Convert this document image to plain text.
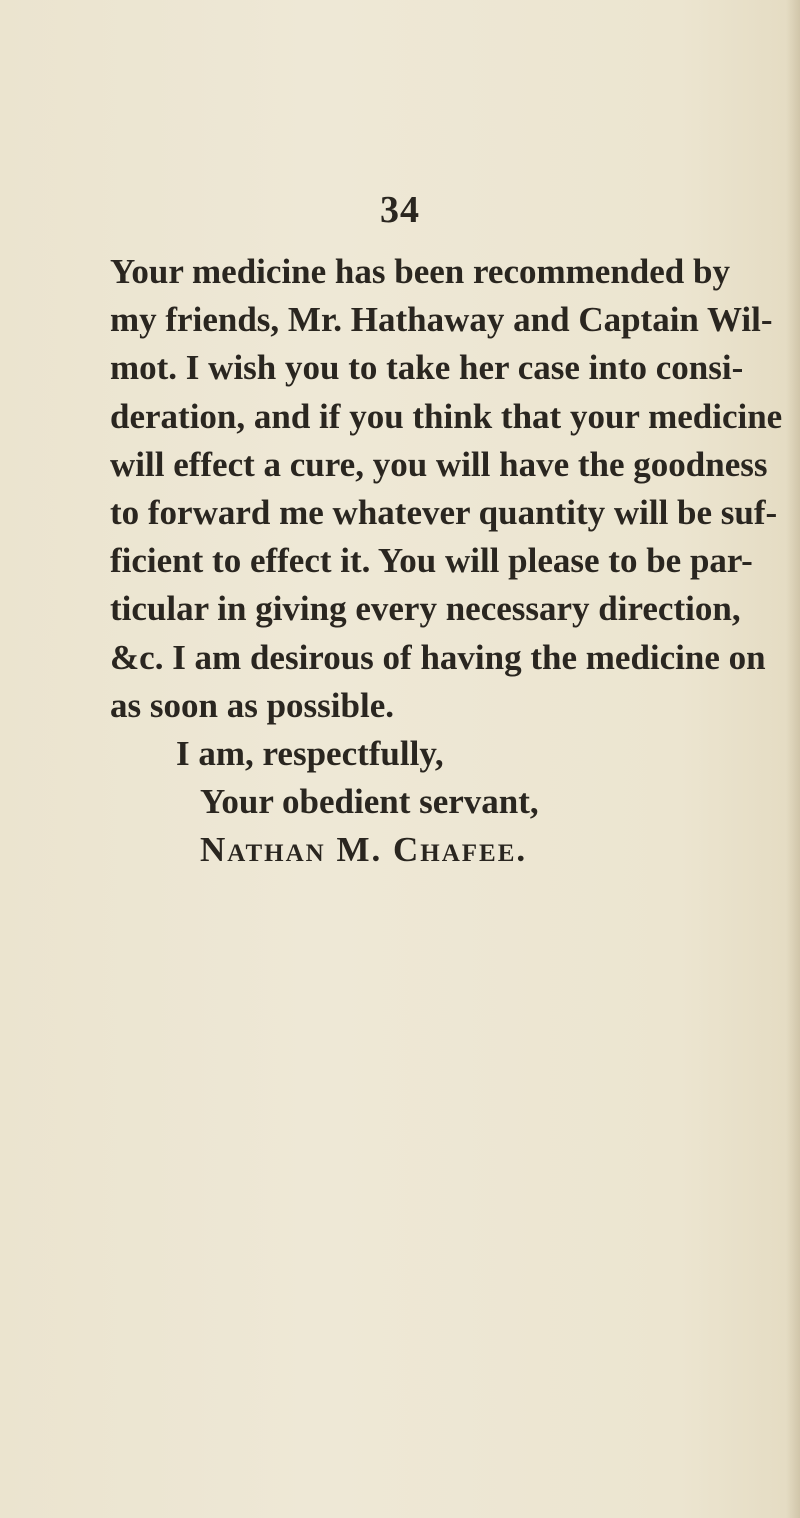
34
Your medicine has been recommended by
my friends, Mr. Hathaway and Captain Wil-
mot. I wish you to take her case into consi-
deration, and if you think that your medicine
will effect a cure, you will have the goodness
to forward me whatever quantity will be suf-
ficient to effect it. You will please to be par-
ticular in giving every necessary direction,
&c. I am desirous of having the medicine on
as soon as possible.
I am, respectfully,
Your obedient servant,
Nathan M. Chafee.
